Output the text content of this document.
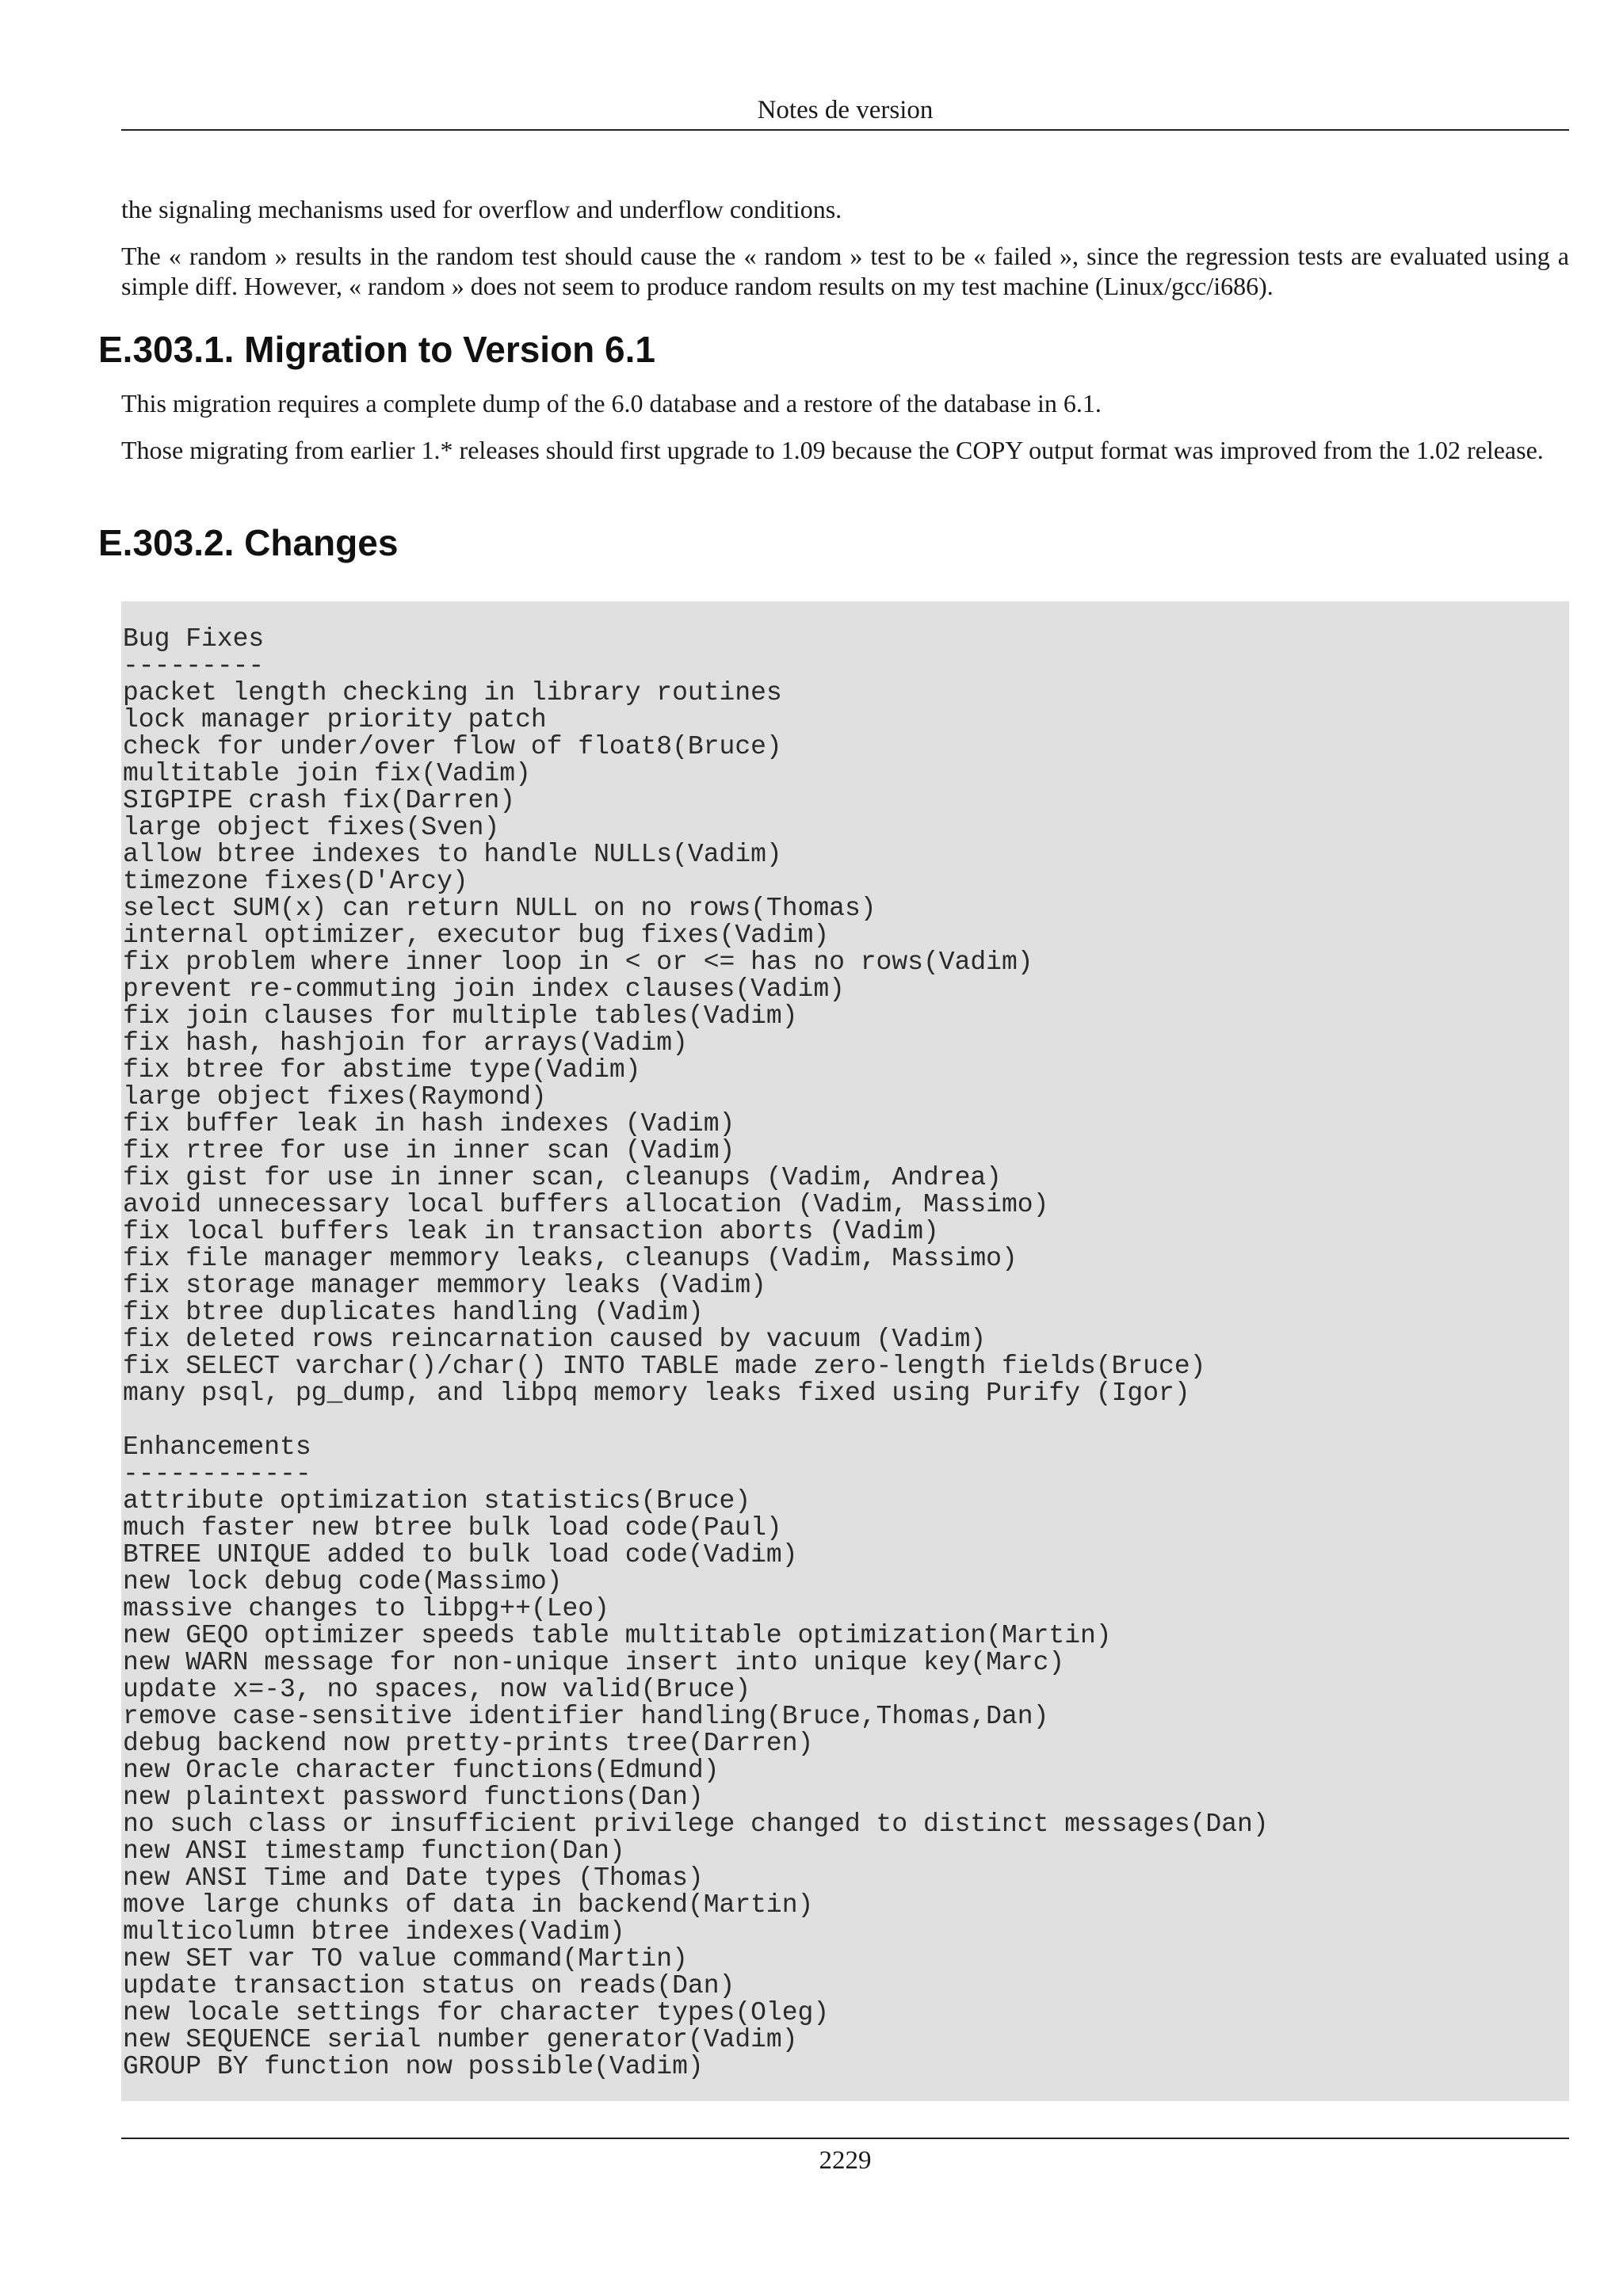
Notes de version

the signaling mechanisms used for overflow and underflow conditions.

The « random » results in the random test should cause the « random » test to be « failed », since the regression tests are evaluated using a simple diff. However, « random » does not seem to produce random results on my test machine (Linux/gcc/i686).

E.303.1. Migration to Version 6.1

This migration requires a complete dump of the 6.0 database and a restore of the database in 6.1.

Those migrating from earlier 1.* releases should first upgrade to 1.09 because the COPY output format was improved from the 1.02 release.

E.303.2. Changes
Bug Fixes
---------
packet length checking in library routines
lock manager priority patch
check for under/over flow of float8(Bruce)
multitable join fix(Vadim)
SIGPIPE crash fix(Darren)
large object fixes(Sven)
allow btree indexes to handle NULLs(Vadim)
timezone fixes(D'Arcy)
select SUM(x) can return NULL on no rows(Thomas)
internal optimizer, executor bug fixes(Vadim)
fix problem where inner loop in < or <= has no rows(Vadim)
prevent re-commuting join index clauses(Vadim)
fix join clauses for multiple tables(Vadim)
fix hash, hashjoin for arrays(Vadim)
fix btree for abstime type(Vadim)
large object fixes(Raymond)
fix buffer leak in hash indexes (Vadim)
fix rtree for use in inner scan (Vadim)
fix gist for use in inner scan, cleanups (Vadim, Andrea)
avoid unnecessary local buffers allocation (Vadim, Massimo)
fix local buffers leak in transaction aborts (Vadim)
fix file manager memmory leaks, cleanups (Vadim, Massimo)
fix storage manager memmory leaks (Vadim)
fix btree duplicates handling (Vadim)
fix deleted rows reincarnation caused by vacuum (Vadim)
fix SELECT varchar()/char() INTO TABLE made zero-length fields(Bruce)
many psql, pg_dump, and libpq memory leaks fixed using Purify (Igor)
Enhancements
------------
attribute optimization statistics(Bruce)
much faster new btree bulk load code(Paul)
BTREE UNIQUE added to bulk load code(Vadim)
new lock debug code(Massimo)
massive changes to libpg++(Leo)
new GEQO optimizer speeds table multitable optimization(Martin)
new WARN message for non-unique insert into unique key(Marc)
update x=-3, no spaces, now valid(Bruce)
remove case-sensitive identifier handling(Bruce,Thomas,Dan)
debug backend now pretty-prints tree(Darren)
new Oracle character functions(Edmund)
new plaintext password functions(Dan)
no such class or insufficient privilege changed to distinct messages(Dan)
new ANSI timestamp function(Dan)
new ANSI Time and Date types (Thomas)
move large chunks of data in backend(Martin)
multicolumn btree indexes(Vadim)
new SET var TO value command(Martin)
update transaction status on reads(Dan)
new locale settings for character types(Oleg)
new SEQUENCE serial number generator(Vadim)
GROUP BY function now possible(Vadim)

2229
